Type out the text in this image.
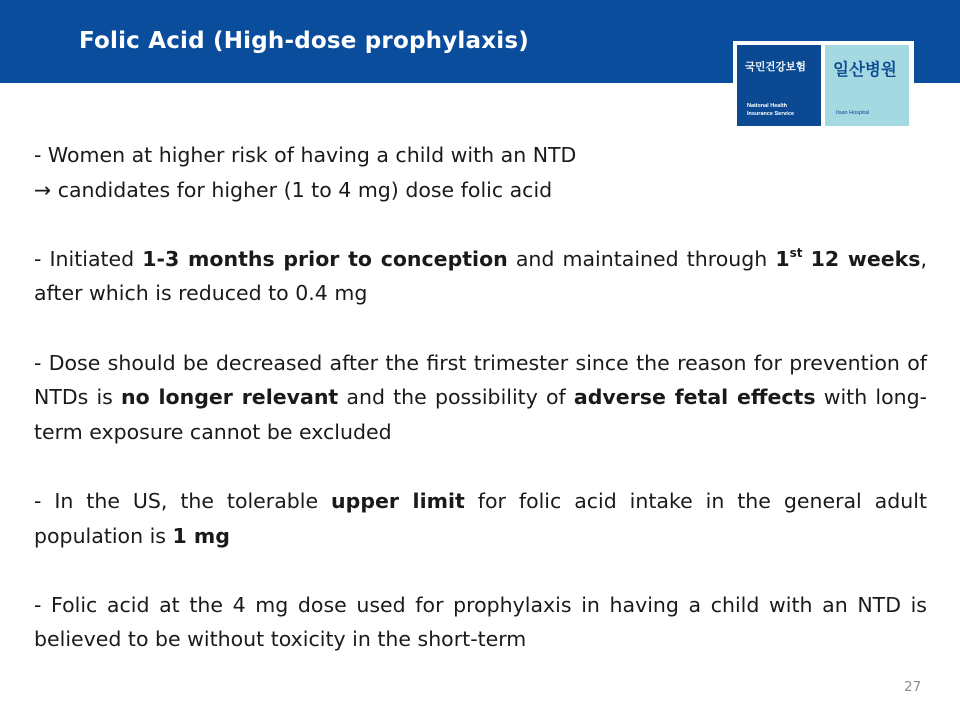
Folic Acid (High-dose prophylaxis)
국민건강보험
National Health
Insurance Service
일산병원
Ilsan Hospital

- Women at higher risk of having a child with an NTD
→ candidates for higher (1 to 4 mg) dose folic acid

- Initiated 1-3 months prior to conception and maintained through 1st 12 weeks, after which is reduced to 0.4 mg

- Dose should be decreased after the first trimester since the reason for prevention of NTDs is no longer relevant and the possibility of adverse fetal effects with long-term exposure cannot be excluded

- In the US, the tolerable upper limit for folic acid intake in the general adult population is 1 mg

- Folic acid at the 4 mg dose used for prophylaxis in having a child with an NTD is believed to be without toxicity in the short-term

27
